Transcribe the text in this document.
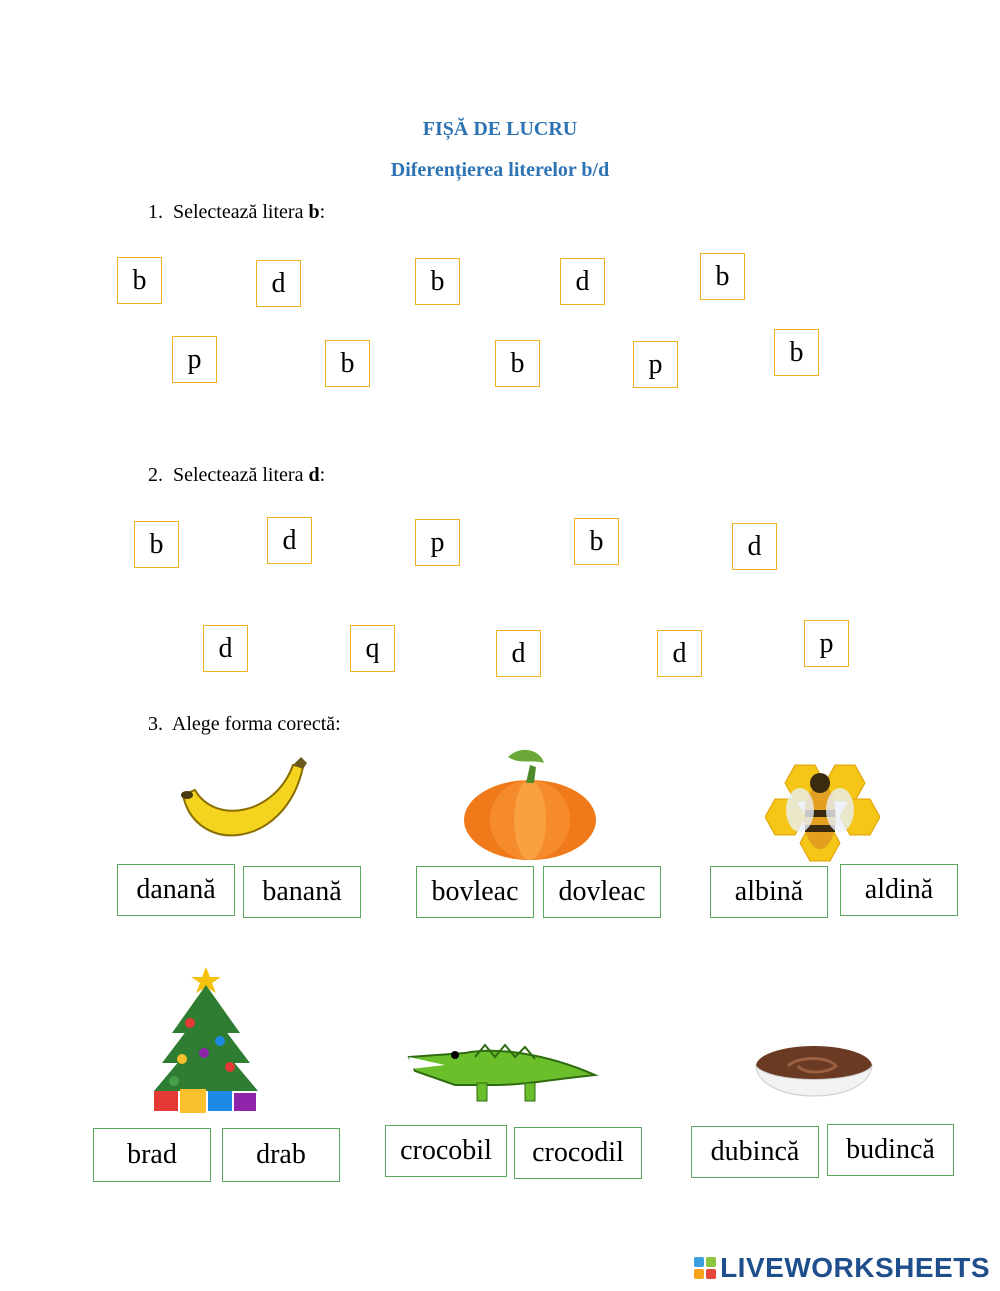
FIȘĂ DE LUCRU
Diferențierea literelor b/d
1. Selectează litera b:
b	d	b	d	b
p	b	b	p	b
2. Selectează litera d:
b	d	p	b	d
d	q	d	d	p
3. Alege forma corectă:
danană	banană	bovleac	dovleac	albină	aldină
brad	drab	crocobil	crocodil	dubincă	budincă
LIVEWORKSHEETS
